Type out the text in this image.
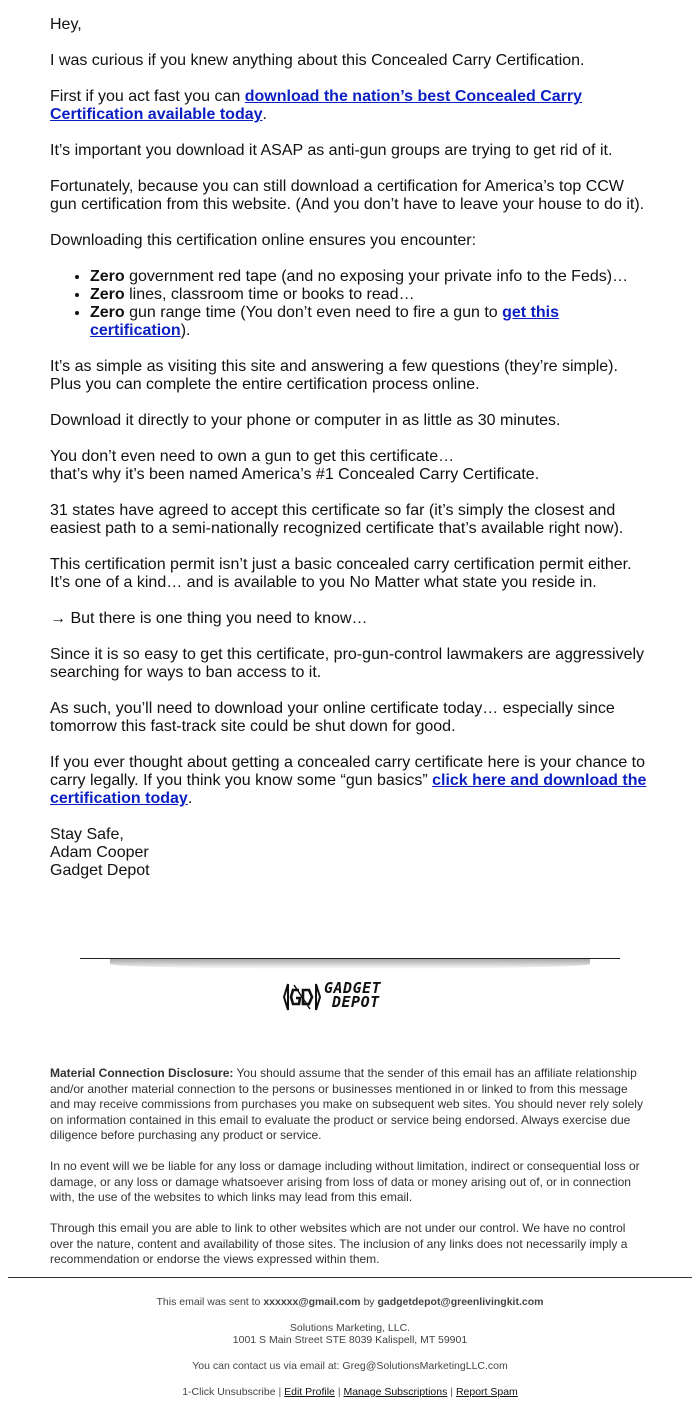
Hey,

I was curious if you knew anything about this Concealed Carry Certification.

First if you act fast you can download the nation’s best Concealed Carry Certification available today.

It’s important you download it ASAP as anti-gun groups are trying to get rid of it.

Fortunately, because you can still download a certification for America’s top CCW gun certification from this website. (And you don’t have to leave your house to do it).

Downloading this certification online ensures you encounter:

• Zero government red tape (and no exposing your private info to the Feds)…
• Zero lines, classroom time or books to read…
• Zero gun range time (You don’t even need to fire a gun to get this certification).

It’s as simple as visiting this site and answering a few questions (they’re simple).
Plus you can complete the entire certification process online.

Download it directly to your phone or computer in as little as 30 minutes.

You don’t even need to own a gun to get this certificate…
that’s why it’s been named America’s #1 Concealed Carry Certificate.

31 states have agreed to accept this certificate so far (it’s simply the closest and easiest path to a semi-nationally recognized certificate that’s available right now).

This certification permit isn’t just a basic concealed carry certification permit either.
It’s one of a kind… and is available to you No Matter what state you reside in.

→ But there is one thing you need to know…

Since it is so easy to get this certificate, pro-gun-control lawmakers are aggressively searching for ways to ban access to it.

As such, you’ll need to download your online certificate today… especially since tomorrow this fast-track site could be shut down for good.

If you ever thought about getting a concealed carry certificate here is your chance to carry legally. If you think you know some “gun basics” click here and download the certification today.

Stay Safe,

Adam Cooper

Gadget Depot

GADGET
DEPOT

Material Connection Disclosure: You should assume that the sender of this email has an affiliate relationship and/or another material connection to the persons or businesses mentioned in or linked to from this message and may receive commissions from purchases you make on subsequent web sites. You should never rely solely on information contained in this email to evaluate the product or service being endorsed. Always exercise due diligence before purchasing any product or service.

In no event will we be liable for any loss or damage including without limitation, indirect or consequential loss or damage, or any loss or damage whatsoever arising from loss of data or money arising out of, or in connection with, the use of the websites to which links may lead from this email.

Through this email you are able to link to other websites which are not under our control. We have no control over the nature, content and availability of those sites. The inclusion of any links does not necessarily imply a recommendation or endorse the views expressed within them.

This email was sent to xxxxxx@gmail.com by gadgetdepot@greenlivingkit.com

Solutions Marketing, LLC.
1001 S Main Street STE 8039 Kalispell, MT 59901

You can contact us via email at: Greg@SolutionsMarketingLLC.com

1-Click Unsubscribe | Edit Profile | Manage Subscriptions | Report Spam
